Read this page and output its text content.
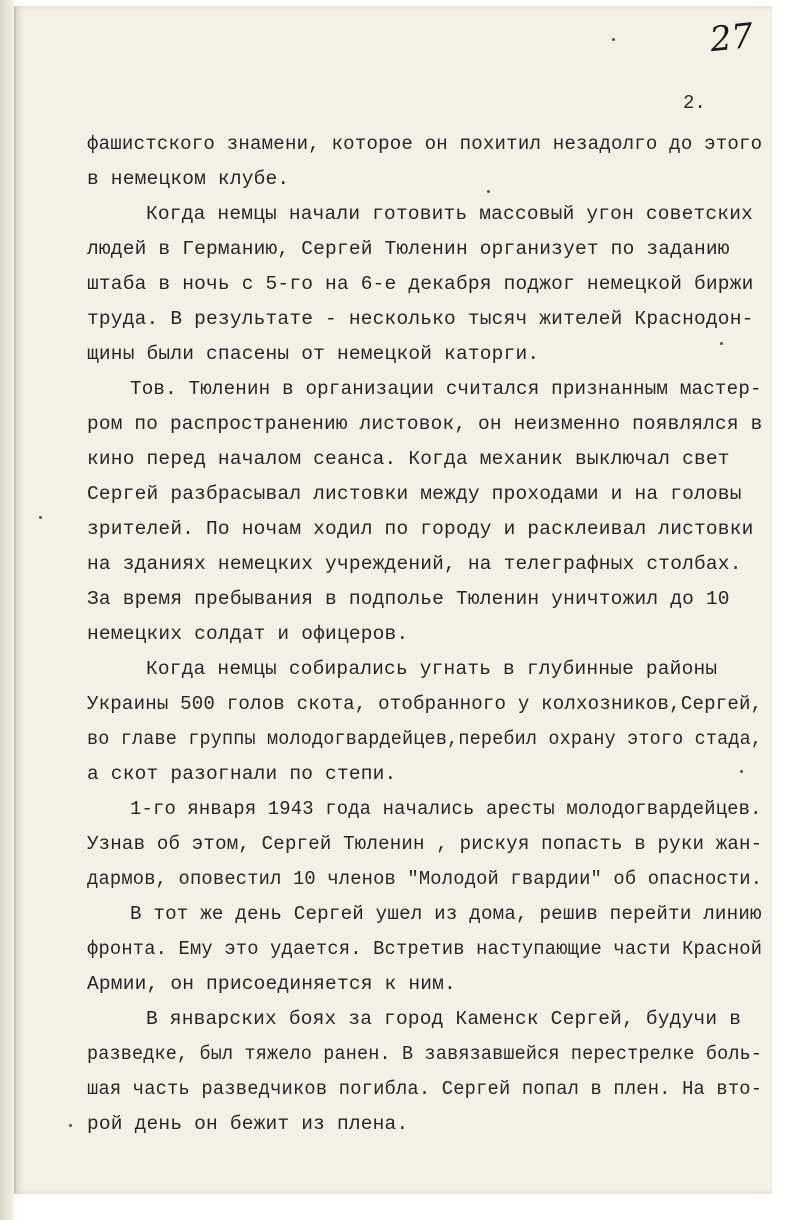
27
2.
фашистского знамени, которое он похитил незадолго до этого
в немецком клубе.
Когда немцы начали готовить массовый угон советских
людей в Германию, Сергей Тюленин организует по заданию
штаба в ночь с 5-го на 6-е декабря поджог немецкой биржи
труда. В результате - несколько тысяч жителей Краснодон-
щины были спасены от немецкой каторги.
Тов. Тюленин в организации считался признанным мастер-
ром по распространению листовок, он неизменно появлялся в
кино перед началом сеанса. Когда механик выключал свет
Сергей разбрасывал листовки между проходами и на головы
зрителей. По ночам ходил по городу и расклеивал листовки
на зданиях немецких учреждений, на телеграфных столбах.
За время пребывания в подполье Тюленин уничтожил до 10
немецких солдат и офицеров.
Когда немцы собирались угнать в глубинные районы
Украины 500 голов скота, отобранного у колхозников,Сергей,
во главе группы молодогвардейцев,перебил охрану этого стада,
а скот разогнали по степи.
1-го января 1943 года начались аресты молодогвардейцев.
Узнав об этом, Сергей Тюленин , рискуя попасть в руки жан-
дармов, оповестил 10 членов "Молодой гвардии" об опасности.
В тот же день Сергей ушел из дома, решив перейти линию
фронта. Ему это удается. Встретив наступающие части Красной
Армии, он присоединяется к ним.
В январских боях за город Каменск Сергей, будучи в
разведке, был тяжело ранен. В завязавшейся перестрелке боль-
шая часть разведчиков погибла. Сергей попал в плен. На вто-
рой день он бежит из плена.
